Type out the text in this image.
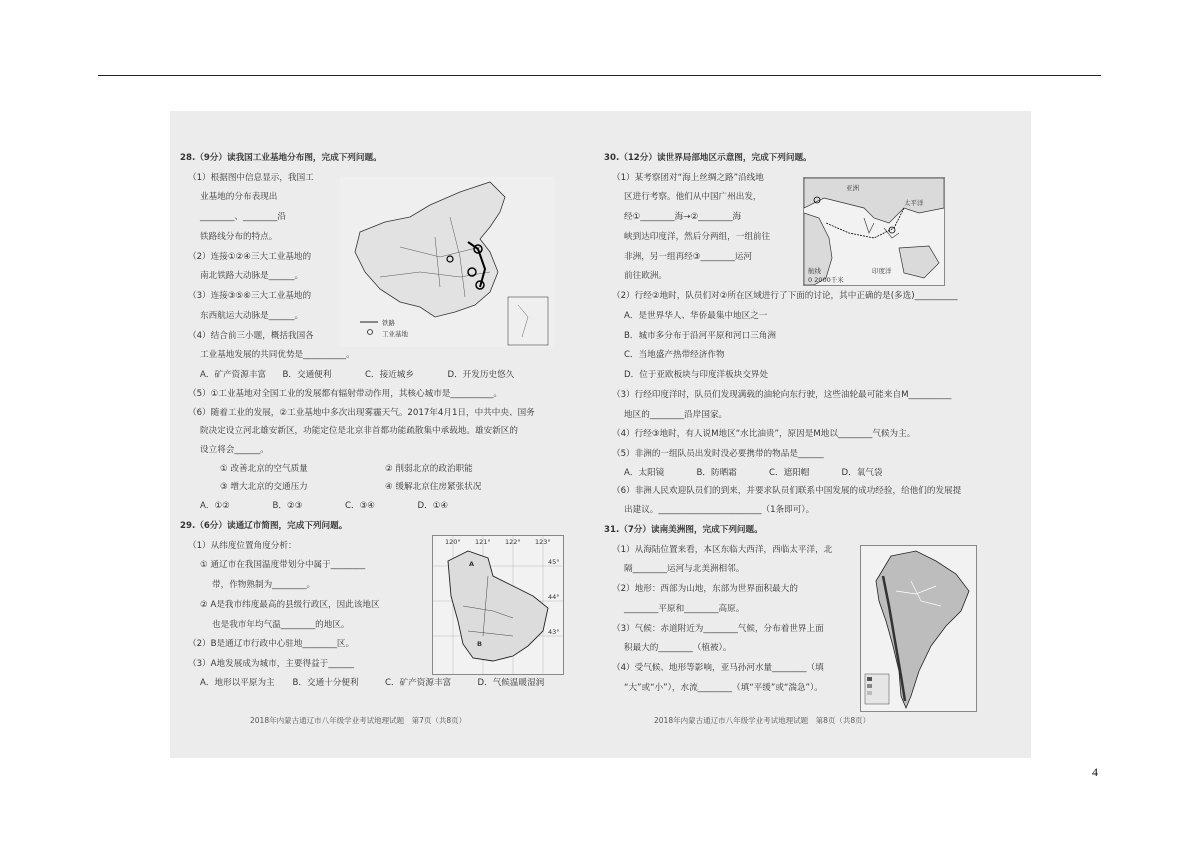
28.（9分）读我国工业基地分布图，完成下列问题。

（1）根据图中信息显示，我国工

业基地的分布表现出

________、________沿

铁路线分布的特点。

（2）连接①②④三大工业基地的

南北铁路大动脉是______。

（3）连接③⑤⑥三大工业基地的

东西航运大动脉是______。

（4）结合前三小题，概括我国各

工业基地发展的共同优势是__________。

A．矿产资源丰富	B．交通便利	C．接近城乡	D．开发历史悠久

（5）①工业基地对全国工业的发展都有辐射带动作用，其核心城市是__________。

（6）随着工业的发展，②工业基地中多次出现雾霾天气。2017年4月1日，中共中央、国务

院决定设立河北雄安新区，功能定位是北京非首都功能疏散集中承载地。雄安新区的

设立将会______。

① 改善北京的空气质量	② 削弱北京的政治职能
③ 增大北京的交通压力	④ 缓解北京住房紧张状况
A．①②	B．②③	C．③④	D．①④

29.（6分）读通辽市简图，完成下列问题。

（1）从纬度位置角度分析：

① 通辽市在我国温度带划分中属于________

带，作物熟制为________。

② A是我市纬度最高的县级行政区，因此该地区

也是我市年均气温________的地区。

（2）B是通辽市行政中心驻地________区。

（3）A地发展成为城市，主要得益于______

A．地形以平原为主	B．交通十分便利	C．矿产资源丰富	D．气候温暖湿润
铁路
工业基地
120° 121° 122° 123°
45°
44°
43°
A
B

2018年内蒙古通辽市八年级学业考试地理试题　第7页（共8页）

30.（12分）读世界局部地区示意图，完成下列问题。

（1）某考察团对“海上丝绸之路”沿线地

区进行考察。他们从中国广州出发，

经①________海→②________海

峡到达印度洋，然后分两组，一组前往

非洲，另一组再经③________运河

前往欧洲。

（2）行经②地时，队员们对②所在区域进行了下面的讨论，其中正确的是(多选)__________

A．是世界华人、华侨最集中地区之一

B．城市多分布于沿河平原和河口三角洲

C．当地盛产热带经济作物

D．位于亚欧板块与印度洋板块交界处

（3）行经印度洋时，队员们发现满载的油轮向东行驶，这些油轮最可能来自M__________

地区的________沿岸国家。

（4）行经③地时，有人说M地区“水比油贵”，原因是M地以________气候为主。

（5）非洲的一组队员出发时没必要携带的物品是______

A．太阳镜	B．防晒霜	C．遮阳帽	D．氧气袋

（6）非洲人民欢迎队员们的到来，并要求队员们联系中国发展的成功经验，给他们的发展提

出建议。________________________（1条即可）。

31.（7分）读南美洲图，完成下列问题。

（1）从海陆位置来看，本区东临大西洋，西临太平洋，北

隔________运河与北美洲相邻。

（2）地形：西部为山地，东部为世界面积最大的

________平原和________高原。

（3）气候：赤道附近为________气候，分布着世界上面

积最大的________（植被）。

（4）受气候、地形等影响，亚马孙河水量________（填

“大”或“小”），水流________（填“平缓”或“湍急”）。

亚洲
太平洋
印度洋
航线
0 2000千米

2018年内蒙古通辽市八年级学业考试地理试题　第8页（共8页）

4
